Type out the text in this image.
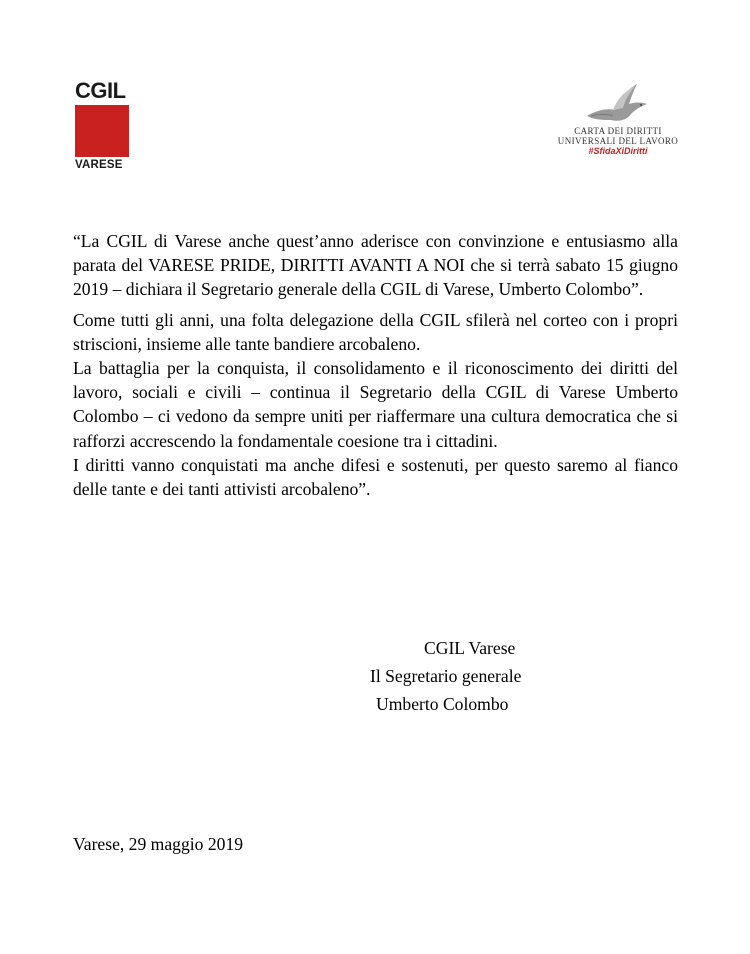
CGIL
VARESE
CARTA DEI DIRITTI
UNIVERSALI DEL LAVORO
#SfidaXiDiritti

“La CGIL di Varese anche quest’anno aderisce con convinzione e entusiasmo alla parata del VARESE PRIDE, DIRITTI AVANTI A NOI che si terrà sabato 15 giugno 2019 – dichiara il Segretario generale della CGIL di Varese, Umberto Colombo”.

Come tutti gli anni, una folta delegazione della CGIL sfilerà nel corteo con i propri striscioni, insieme alle tante bandiere arcobaleno.

La battaglia per la conquista, il consolidamento e il riconoscimento dei diritti del lavoro, sociali e civili – continua il Segretario della CGIL di Varese Umberto Colombo – ci vedono da sempre uniti per riaffermare una cultura democratica che si rafforzi accrescendo la fondamentale coesione tra i cittadini.

I diritti vanno conquistati ma anche difesi e sostenuti, per questo saremo al fianco delle tante e dei tanti attivisti arcobaleno”.

CGIL Varese
Il Segretario generale
Umberto Colombo
Varese, 29 maggio 2019
